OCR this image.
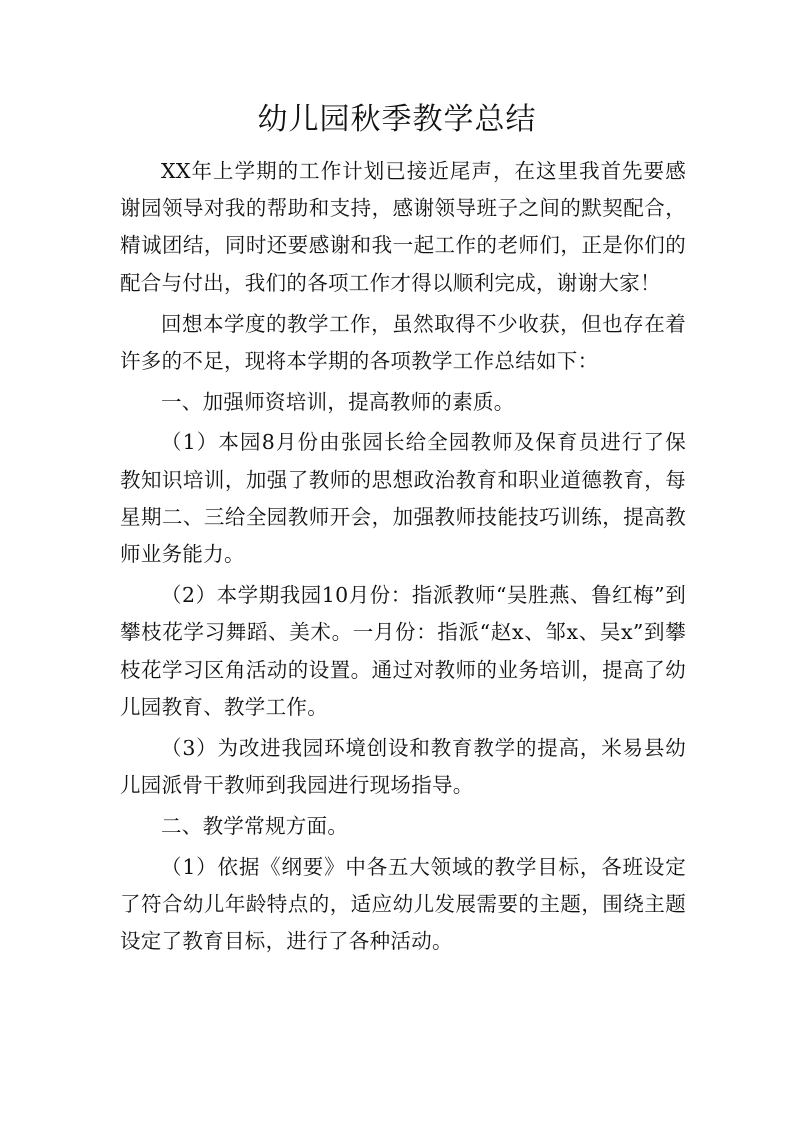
幼儿园秋季教学总结

XX年上学期的工作计划已接近尾声，在这里我首先要感谢园领导对我的帮助和支持，感谢领导班子之间的默契配合，精诚团结，同时还要感谢和我一起工作的老师们，正是你们的配合与付出，我们的各项工作才得以顺利完成，谢谢大家！

回想本学度的教学工作，虽然取得不少收获，但也存在着许多的不足，现将本学期的各项教学工作总结如下：

一、加强师资培训，提高教师的素质。

（1）本园8月份由张园长给全园教师及保育员进行了保教知识培训，加强了教师的思想政治教育和职业道德教育，每星期二、三给全园教师开会，加强教师技能技巧训练，提高教师业务能力。

（2）本学期我园10月份：指派教师“吴胜燕、鲁红梅”到攀枝花学习舞蹈、美术。一月份：指派“赵x、邹x、吴x”到攀枝花学习区角活动的设置。通过对教师的业务培训，提高了幼儿园教育、教学工作。

（3）为改进我园环境创设和教育教学的提高，米易县幼儿园派骨干教师到我园进行现场指导。

二、教学常规方面。

（1）依据《纲要》中各五大领域的教学目标，各班设定了符合幼儿年龄特点的，适应幼儿发展需要的主题，围绕主题设定了教育目标，进行了各种活动。
